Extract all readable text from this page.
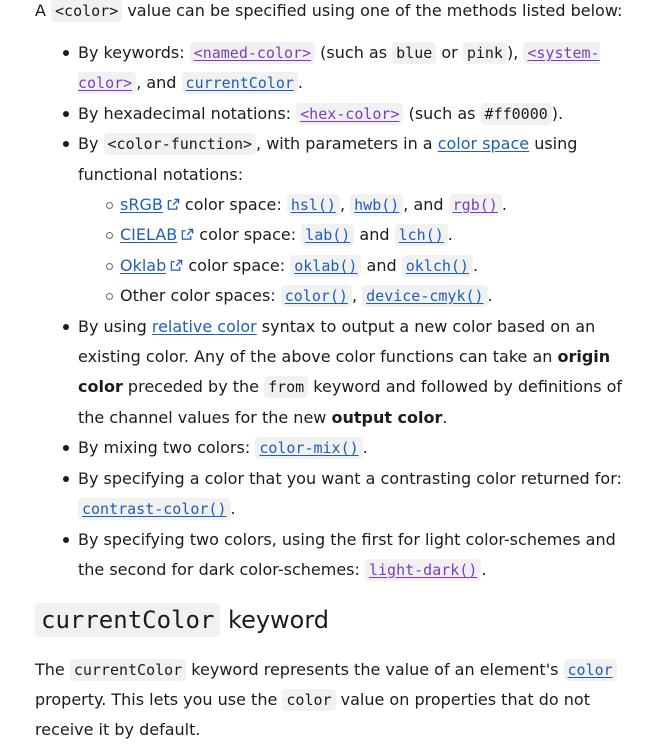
A <color> value can be specified using one of the methods listed below:

By keywords: <named-color> (such as blue or pink ), <system-color> , and currentColor .
By hexadecimal notations: <hex-color> (such as #ff0000 ).
By <color-function> , with parameters in a color space using functional notations:
sRGB color space: hsl() , hwb() , and rgb() .
CIELAB color space: lab() and lch() .
Oklab color space: oklab() and oklch() .
Other color spaces: color() , device-cmyk() .
By using relative color syntax to output a new color based on an existing color. Any of the above color functions can take an origin color preceded by the from keyword and followed by definitions of the channel values for the new output color.
By mixing two colors: color-mix() .
By specifying a color that you want a contrasting color returned for: contrast-color() .
By specifying two colors, using the first for light color-schemes and the second for dark color-schemes: light-dark() .
currentColor keyword

The currentColor keyword represents the value of an element's color property. This lets you use the color value on properties that do not receive it by default.
